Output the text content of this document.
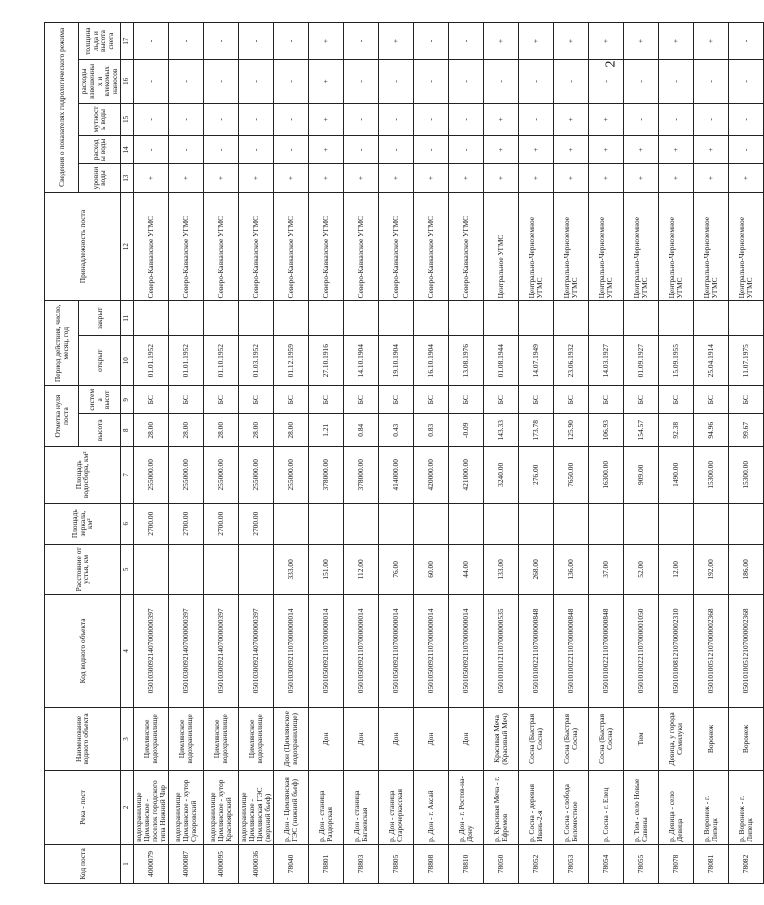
2
Код поста	Река - пост	Наименование водного объекта	Код водного объекта	Расстояние от устья, км	Площадь зеркала, км²	Площадь водосбора, км²	Отметка нуля поста		Период действия, число, месяц, год		Принадлежность поста	Сведения о показателях гидрологического режима				
							высота	система высот	открыт	закрыт		уровни воды	расходы воды	мутность воды	расходы взвешенных и влекомых наносов	толщина льда и высота снега
1	2	3	4	5	6	7	8	9	10	11	12	13	14	15	16	17
4000079	водохранилище Цимлянское - поселок городского типа Нижний Чир	Цимлянское водохранилище	05010300921407000000397		2700.00	255000.00	28.00	БС	01.01.1952		Северо-Кавказское УГМС	+	-	-	-	-
4000087	водохранилище Цимлянское - хутор Суворовский	Цимлянское водохранилище	05010300921407000000397		2700.00	255000.00	28.00	БС	01.01.1952		Северо-Кавказское УГМС	+	-	-	-	-
4000095	водохранилище Цимлянское - хутор Красноярский	Цимлянское водохранилище	05010300921407000000397		2700.00	255000.00	28.00	БС	01.10.1952		Северо-Кавказское УГМС	+	-	-	-	-
4000036	водохранилище Цимлянское - Цимлянская ГЭС (верхний бьеф)	Цимлянское водохранилище	05010300921407000000397		2700.00	255000.00	28.00	БС	01.03.1952		Северо-Кавказское УГМС	+	-	-	-	-
78040	р. Дон - Цимлянская ГЭС (нижний бьеф)	Дон (Цимлянское водохранилище)	05010300921107000000014	333.00		255000.00	28.00	БС	01.12.1959		Северо-Кавказское УГМС	+	-	-	-	-
78801	р. Дон - станица Раздорская	Дон	05010500921107000000014	151.00		378000.00	1.21	БС	27.10.1916		Северо-Кавказское УГМС	+	+	+	+	+
78803	р. Дон - станица Багаевская	Дон	05010500921107000000014	112.00		378000.00	0.84	БС	14.10.1904		Северо-Кавказское УГМС	+	-	-	-	-
78805	р. Дон - станица Старочеркасская	Дон	05010500921107000000014	76.00		414000.00	0.43	БС	19.10.1904		Северо-Кавказское УГМС	+	-	-	-	+
78808	р. Дон - г. Аксай	Дон	05010500921107000000014	60.00		420000.00	0.83	БС	16.10.1904		Северо-Кавказское УГМС	+	-	-	-	-
78810	р. Дон - г. Ростов-на-Дону	Дон	05010500921107000000014	44.00		421000.00	-0.09	БС	13.08.1976		Северо-Кавказское УГМС	+	-	-	-	-
78050	р. Красивая Меча - г. Ефремов	Красивая Меча (Красивый Меч)	05010100121107000000535	133.00		3240.00	143.33	БС	01.08.1944		Центральное УГМС	+	+	+	-	+
78052	р. Сосна - деревня Ивань-2-я	Сосна (Быстрая Сосна)	05010100221107000000848	268.00		276.00	173.78	БС	14.07.1949		Центрально-Черноземное УГМС	+	+	-	-	+
78053	р. Сосна - слобода Беломестное	Сосна (Быстрая Сосна)	05010100221107000000848	136.00		7650.00	125.90	БС	23.06.1932		Центрально-Черноземное УГМС	+	+	+	-	+
78054	р. Сосна - г. Елец	Сосна (Быстрая Сосна)	05010100221107000000848	37.00		16300.00	106.93	БС	14.03.1927		Центрально-Черноземное УГМС	+	+	+	-	+
78055	р. Тим - село Новые Савины	Тим	05010100221107000001050	52.00		909.00	154.57	БС	01.09.1927		Центрально-Черноземное УГМС	+	+	-	-	+
78078	р. Девица - село Девица	Девица, у города Семилуки	05010100812107000002310	12.00		1490.00	92.38	БС	15.09.1955		Центрально-Черноземное УГМС	+	+	-	-	+
78081	р. Воронеж - г. Липецк	Воронеж	05010100512107000002368	192.00		15300.00	94.96	БС	25.04.1914		Центрально-Черноземное УГМС	+	+	-	-	+
78082	р. Воронеж - г. Липецк	Воронеж	05010100512107000002368	186.00		15300.00	99.67	БС	11.07.1975		Центрально-Черноземное УГМС	+	-	-	-	-
